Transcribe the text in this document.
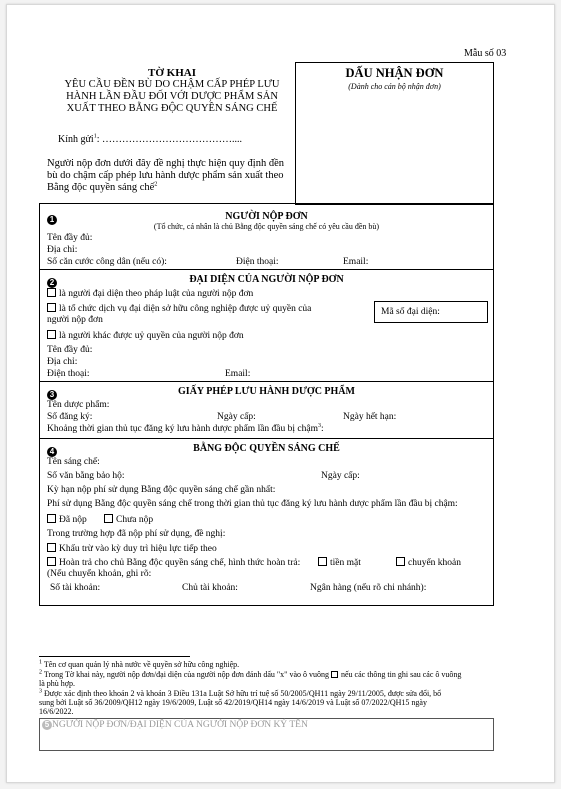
Mẫu số 03
TỜ KHAI
YÊU CẦU ĐỀN BÙ DO CHẬM CẤP PHÉP LƯU
HÀNH LẦN ĐẦU ĐỐI VỚI DƯỢC PHẨM SẢN
XUẤT THEO BẰNG ĐỘC QUYỀN SÁNG CHẾ
Kính gửi$^1$: …………………………………....
Người nộp đơn dưới đây đề nghị thực hiện quy định đền
bù do chậm cấp phép lưu hành dược phẩm sản xuất theo
Bằng độc quyền sáng chế$^2$
DẤU NHẬN ĐƠN
(Dành cho cán bộ nhận đơn)
1	NGƯỜI NỘP ĐƠN
(Tổ chức, cá nhân là chủ Bằng độc quyền sáng chế có yêu cầu đền bù)
Tên đầy đủ:
Địa chỉ:
Số căn cước công dân (nếu có):	Điện thoại:	Email:
2	ĐẠI DIỆN CỦA NGƯỜI NỘP ĐƠN
là người đại diện theo pháp luật của người nộp đơn
là tổ chức dịch vụ đại diện sở hữu công nghiệp được uỷ quyền của
người nộp đơn
là người khác được uỷ quyền của người nộp đơn
Mã số đại diện:
Tên đầy đủ:
Địa chỉ:
Điện thoại:	Email:
3	GIẤY PHÉP LƯU HÀNH DƯỢC PHẨM
Tên dược phẩm:
Số đăng ký:	Ngày cấp:	Ngày hết hạn:
Khoảng thời gian thủ tục đăng ký lưu hành dược phẩm lần đầu bị chậm$^3$:
4	BẰNG ĐỘC QUYỀN SÁNG CHẾ
Tên sáng chế:
Số văn bằng bảo hộ:	Ngày cấp:
Kỳ hạn nộp phí sử dụng Bằng độc quyền sáng chế gần nhất:
Phí sử dụng Bằng độc quyền sáng chế trong thời gian thủ tục đăng ký lưu hành dược phẩm lần đầu bị chậm:
Đã nộp	Chưa nộp
Trong trường hợp đã nộp phí sử dụng, đề nghị:
Khấu trừ vào kỳ duy trì hiệu lực tiếp theo
Hoàn trả cho chủ Bằng độc quyền sáng chế, hình thức hoàn trả:	tiền mặt	chuyển khoản
(Nếu chuyển khoản, ghi rõ:
Số tài khoản:	Chủ tài khoản:	Ngân hàng (nếu rõ chi nhánh):
$^1$ Tên cơ quan quản lý nhà nước về quyền sở hữu công nghiệp.
$^2$ Trong Tờ khai này, người nộp đơn/đại diện của người nộp đơn đánh dấu "x" vào ô vuông nếu các thông tin ghi sau các ô vuông
là phù hợp.
$^3$ Được xác định theo khoản 2 và khoản 3 Điều 131a Luật Sở hữu trí tuệ số 50/2005/QH11 ngày 29/11/2005, được sửa đổi, bổ
sung bởi Luật số 36/2009/QH12 ngày 19/6/2009, Luật số 42/2019/QH14 ngày 14/6/2019 và Luật số 07/2022/QH15 ngày
16/6/2022.
5 NGƯỜI NỘP ĐƠN/ĐẠI DIỆN CỦA NGƯỜI NỘP ĐƠN KÝ TÊN
